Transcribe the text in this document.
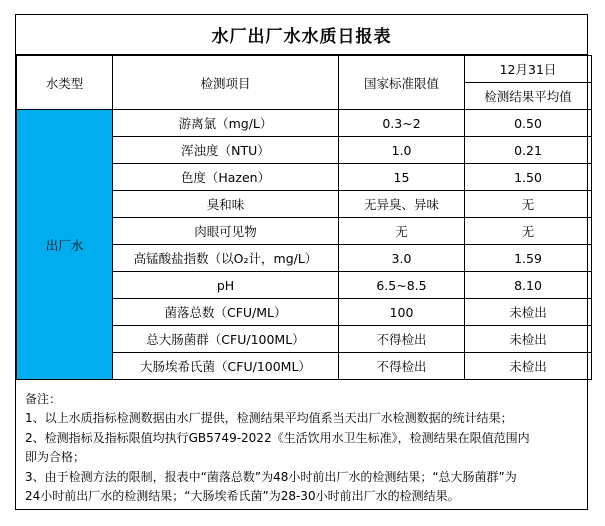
水厂出厂水水质日报表
水类型	检测项目	国家标准限值	12月31日
			检测结果平均值
出厂水	游离氯（mg/L）	0.3~2	0.50
	浑浊度（NTU）	1.0	0.21
	色度（Hazen）	15	1.50
	臭和味	无异臭、异味	无
	肉眼可见物	无	无
	高锰酸盐指数（以O₂计，mg/L）	3.0	1.59
	pH	6.5~8.5	8.10
	菌落总数（CFU/ML）	100	未检出
	总大肠菌群（CFU/100ML）	不得检出	未检出
	大肠埃希氏菌（CFU/100ML）	不得检出	未检出
备注：
1、以上水质指标检测数据由水厂提供，检测结果平均值系当天出厂水检测数据的统计结果；
2、检测指标及指标限值均执行GB5749-2022《生活饮用水卫生标准》，检测结果在限值范围内
即为合格；
3、由于检测方法的限制，报表中“菌落总数”为48小时前出厂水的检测结果；“总大肠菌群”为
24小时前出厂水的检测结果；“大肠埃希氏菌”为28-30小时前出厂水的检测结果。
